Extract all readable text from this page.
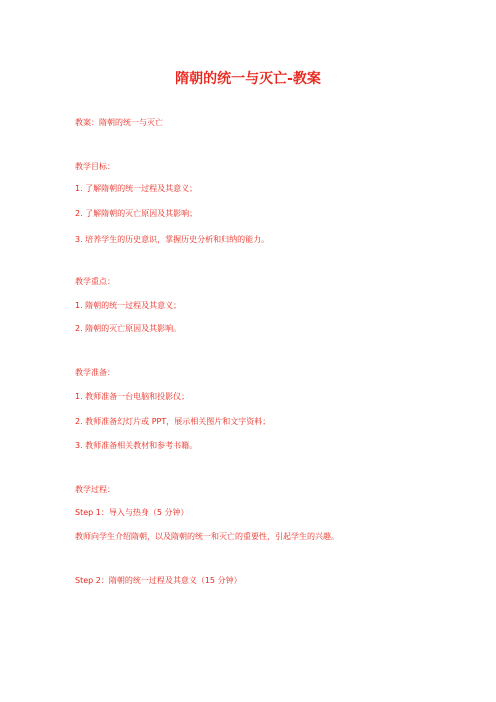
隋朝的统一与灭亡-教案
教案：隋朝的统一与灭亡
教学目标：
1. 了解隋朝的统一过程及其意义；
2. 了解隋朝的灭亡原因及其影响；
3. 培养学生的历史意识，掌握历史分析和归纳的能力。
教学重点：
1. 隋朝的统一过程及其意义；
2. 隋朝的灭亡原因及其影响。
教学准备：
1. 教师准备一台电脑和投影仪；
2. 教师准备幻灯片或 PPT，展示相关图片和文字资料；
3. 教师准备相关教材和参考书籍。
教学过程：
Step 1：导入与热身（5 分钟）
教师向学生介绍隋朝，以及隋朝的统一和灭亡的重要性，引起学生的兴趣。
Step 2：隋朝的统一过程及其意义（15 分钟）
